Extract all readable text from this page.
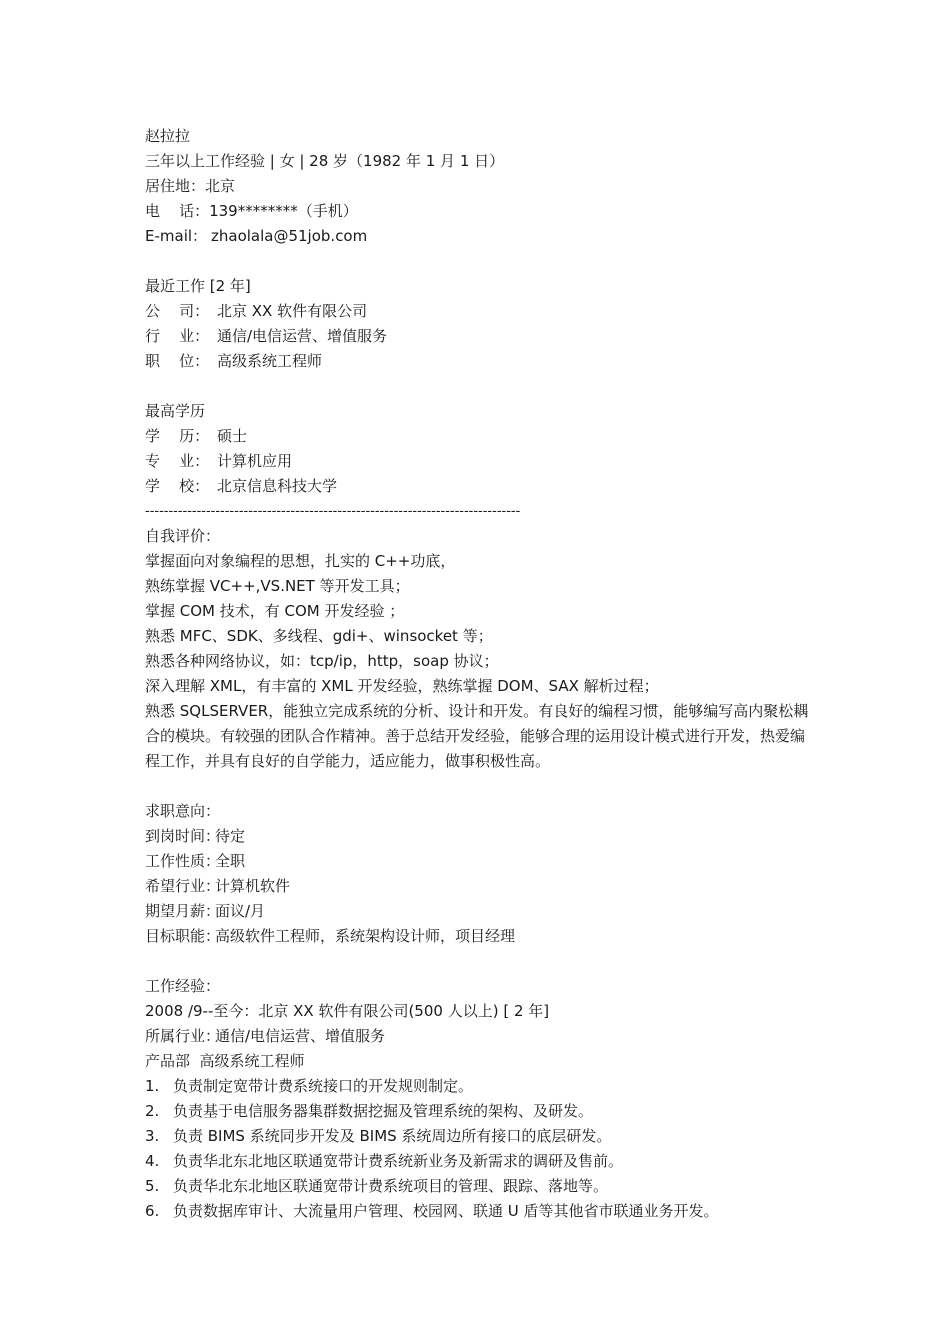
赵拉拉
三年以上工作经验 | 女 | 28 岁（1982 年 1 月 1 日）
居住地：北京
电    话：139********（手机）
E-mail： zhaolala@51job.com
最近工作 [2 年]
公    司： 北京 XX 软件有限公司
行    业： 通信/电信运营、增值服务
职    位： 高级系统工程师
最高学历
学    历： 硕士
专    业： 计算机应用
学    校： 北京信息科技大学
--------------------------------------------------------------------------------
自我评价：
掌握面向对象编程的思想，扎实的 C++功底，
熟练掌握 VC++,VS.NET 等开发工具；
掌握 COM 技术，有 COM 开发经验 ；
熟悉 MFC、SDK、多线程、gdi+、winsocket 等；
熟悉各种网络协议，如：tcp/ip，http，soap 协议；
深入理解 XML，有丰富的 XML 开发经验，熟练掌握 DOM、SAX 解析过程；
熟悉 SQLSERVER，能独立完成系统的分析、设计和开发。有良好的编程习惯，能够编写高内聚松耦合的模块。有较强的团队合作精神。善于总结开发经验，能够合理的运用设计模式进行开发，热爱编程工作，并具有良好的自学能力，适应能力，做事积极性高。
求职意向：
到岗时间：待定
工作性质：全职
希望行业：计算机软件
期望月薪：面议/月
目标职能：高级软件工程师，系统架构设计师，项目经理
工作经验：
2008 /9--至今：北京 XX 软件有限公司(500 人以上) [ 2 年]
所属行业：通信/电信运营、增值服务
产品部  高级系统工程师
1. 负责制定宽带计费系统接口的开发规则制定。
2. 负责基于电信服务器集群数据挖掘及管理系统的架构、及研发。
3. 负责 BIMS 系统同步开发及 BIMS 系统周边所有接口的底层研发。
4. 负责华北东北地区联通宽带计费系统新业务及新需求的调研及售前。
5. 负责华北东北地区联通宽带计费系统项目的管理、跟踪、落地等。
6. 负责数据库审计、大流量用户管理、校园网、联通 U 盾等其他省市联通业务开发。
